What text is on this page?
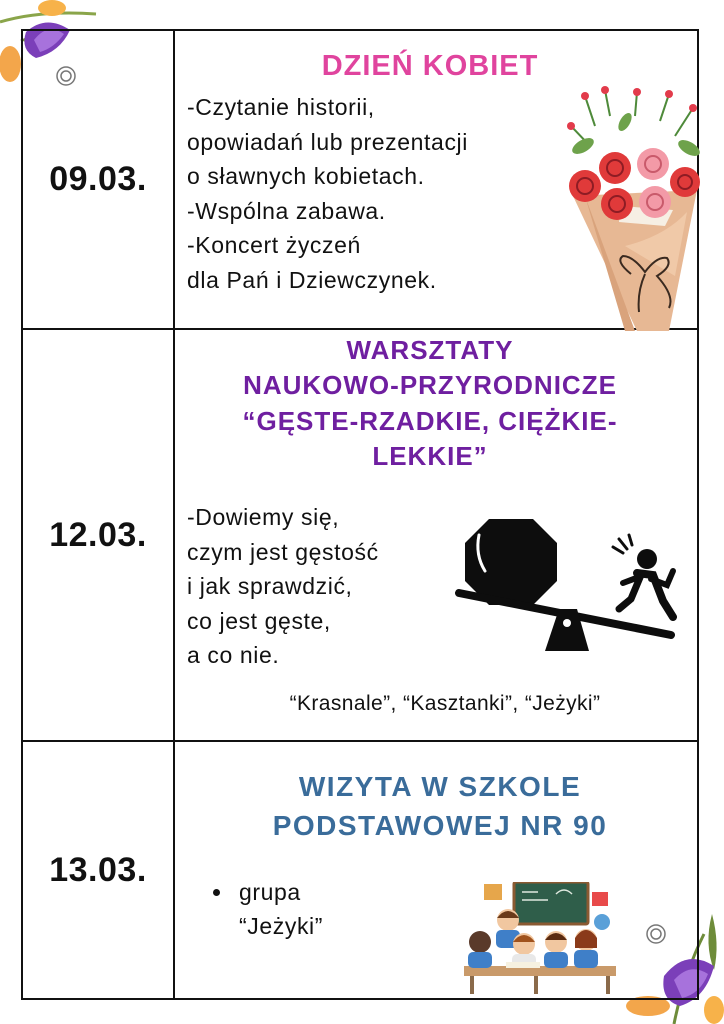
09.03.
DZIEŃ KOBIET
-Czytanie historii,
opowiadań lub prezentacji
o sławnych kobietach.
-Wspólna zabawa.
-Koncert życzeń
dla Pań i Dziewczynek.
12.03.
WARSZTATY
NAUKOWO-PRZYRODNICZE
“GĘSTE-RZADKIE, CIĘŻKIE-
LEKKIE”
-Dowiemy się,
czym jest gęstość
i jak sprawdzić,
co jest gęste,
a co nie.
“Krasnale”, “Kasztanki”, “Jeżyki”
13.03.
WIZYTA W SZKOLE
PODSTAWOWEJ NR 90
grupa
“Jeżyki”
